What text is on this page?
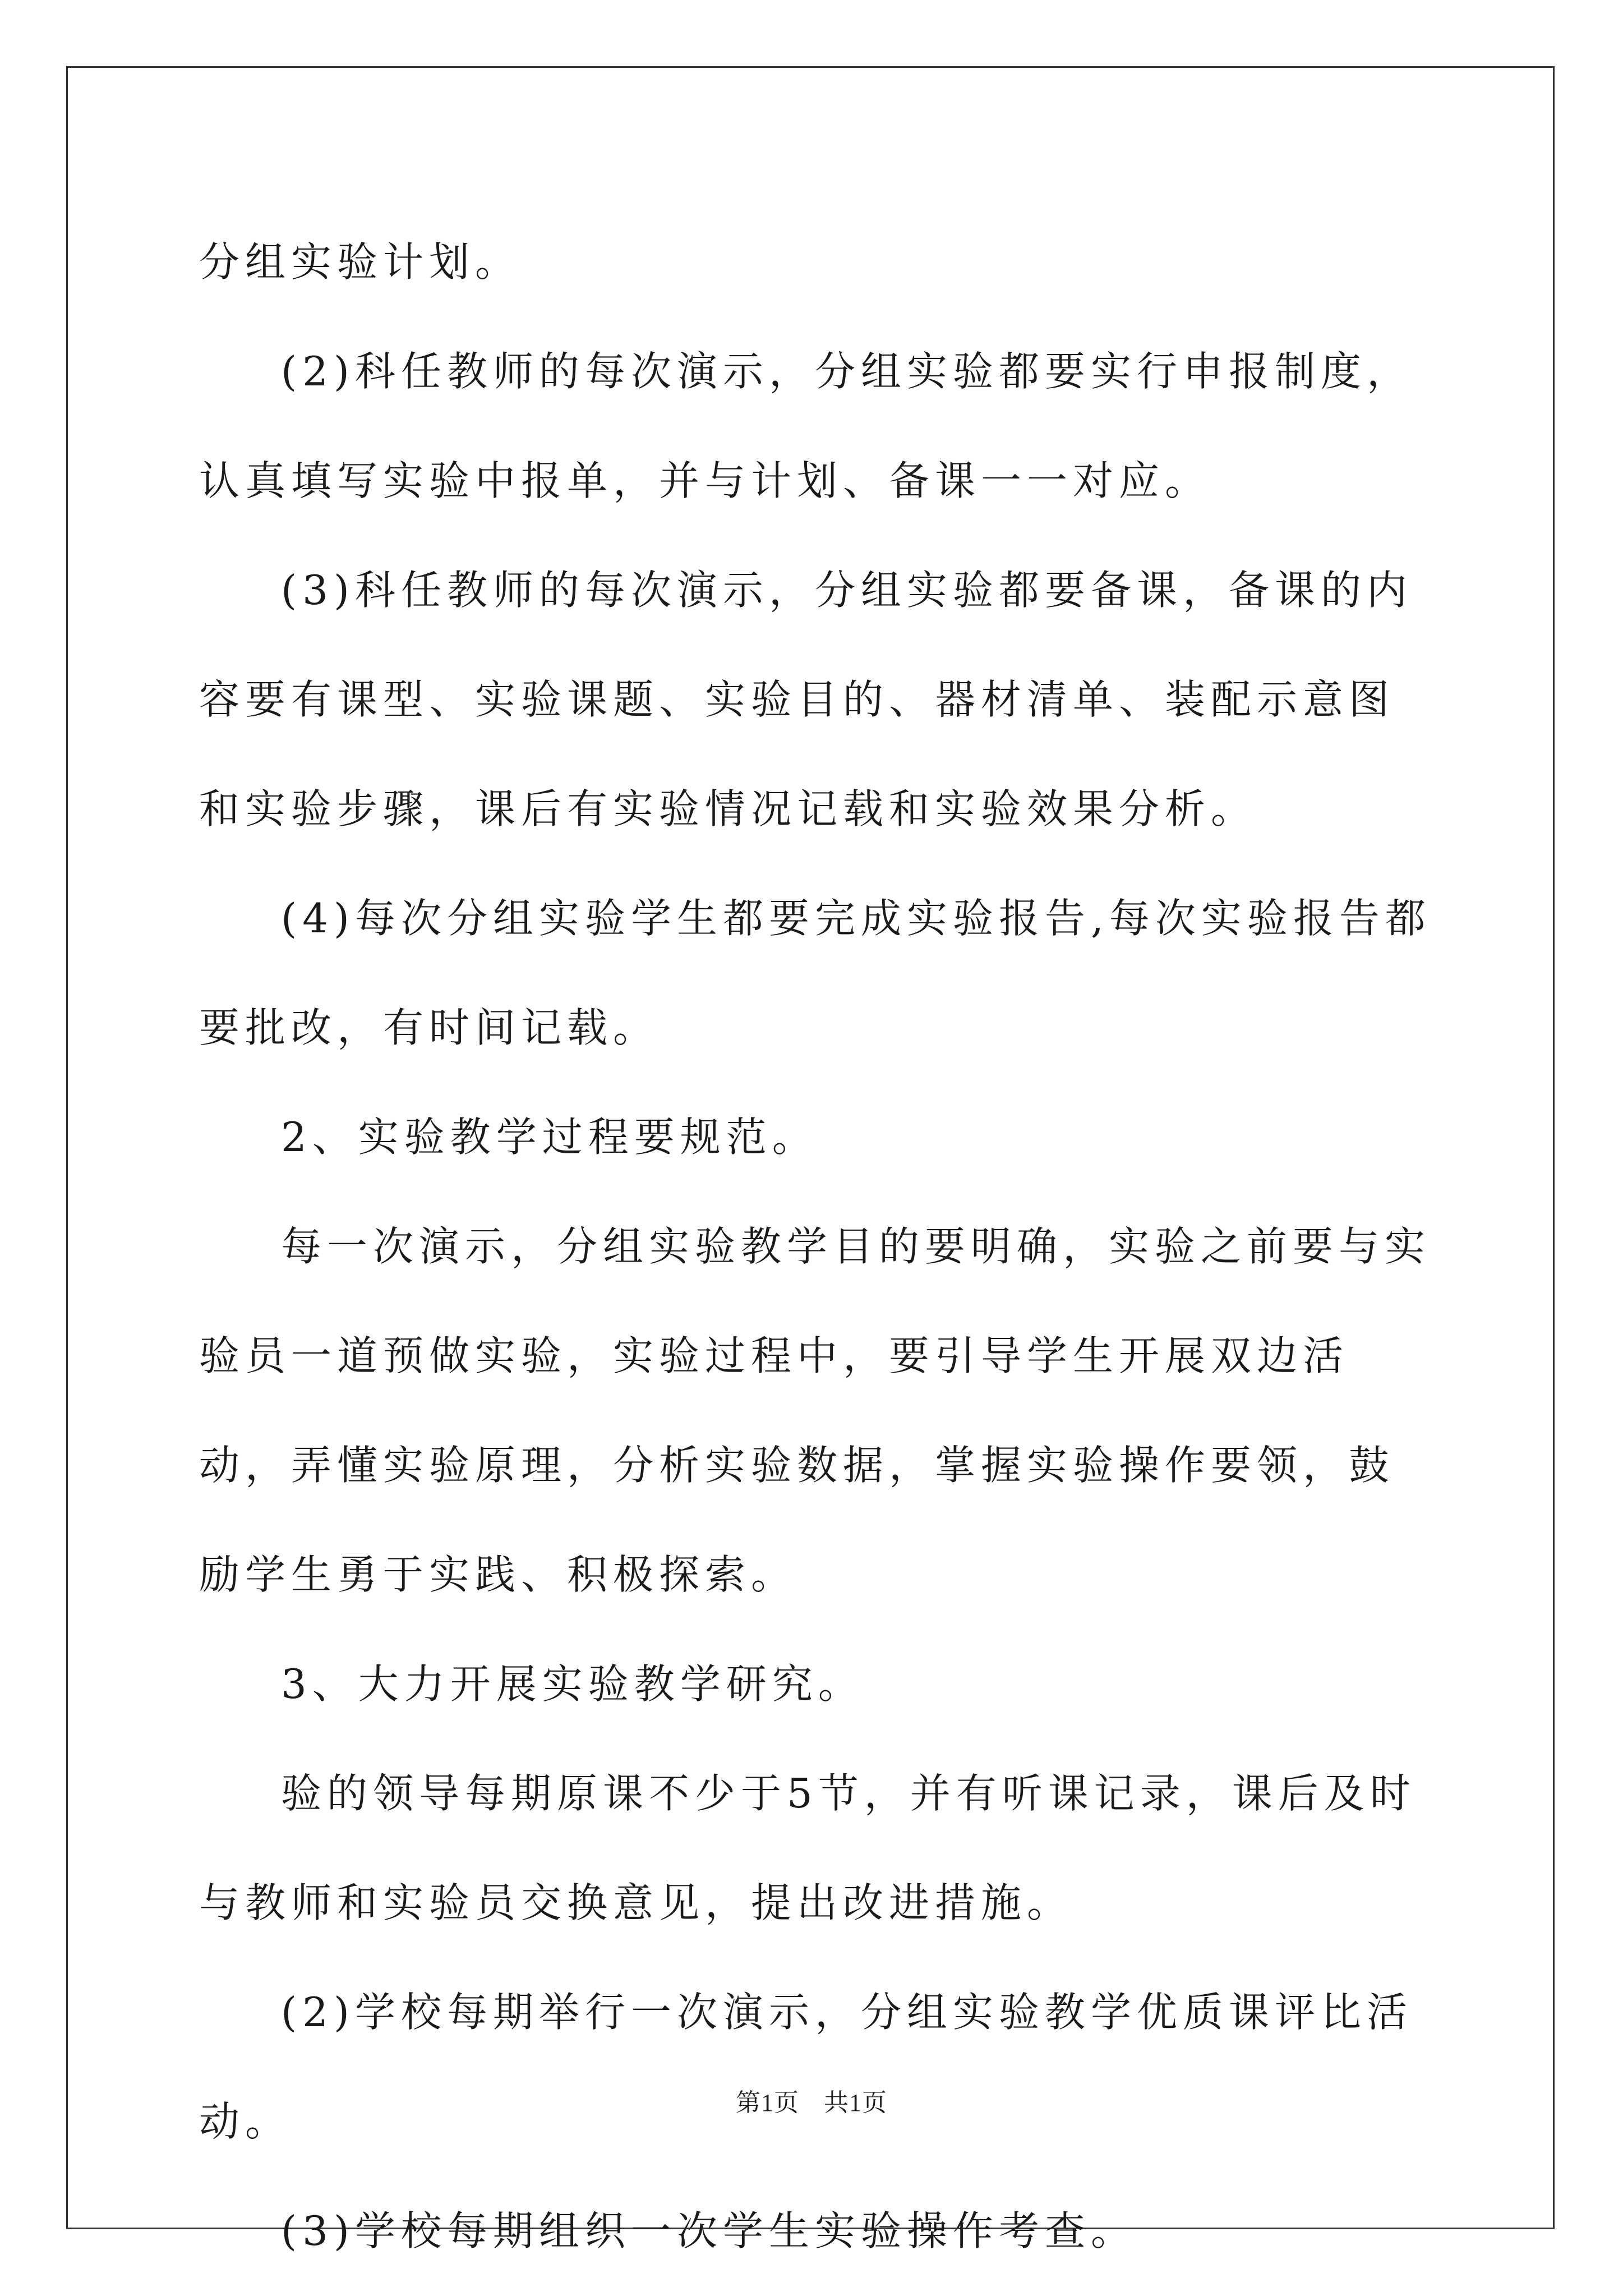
分组实验计划。

(2)科任教师的每次演示，分组实验都要实行申报制度，认真填写实验中报单，并与计划、备课一一对应。

(3)科任教师的每次演示，分组实验都要备课，备课的内容要有课型、实验课题、实验目的、器材清单、装配示意图和实验步骤，课后有实验情况记载和实验效果分析。

(4)每次分组实验学生都要完成实验报告,每次实验报告都要批改，有时间记载。

2、实验教学过程要规范。

每一次演示，分组实验教学目的要明确，实验之前要与实验员一道预做实验，实验过程中，要引导学生开展双边活动，弄懂实验原理，分析实验数据，掌握实验操作要领，鼓励学生勇于实践、积极探索。

3、大力开展实验教学研究。

验的领导每期原课不少于5节，并有听课记录，课后及时与教师和实验员交换意见，提出改进措施。

(2)学校每期举行一次演示，分组实验教学优质课评比活动。

(3)学校每期组织一次学生实验操作考查。

第1页 共1页
